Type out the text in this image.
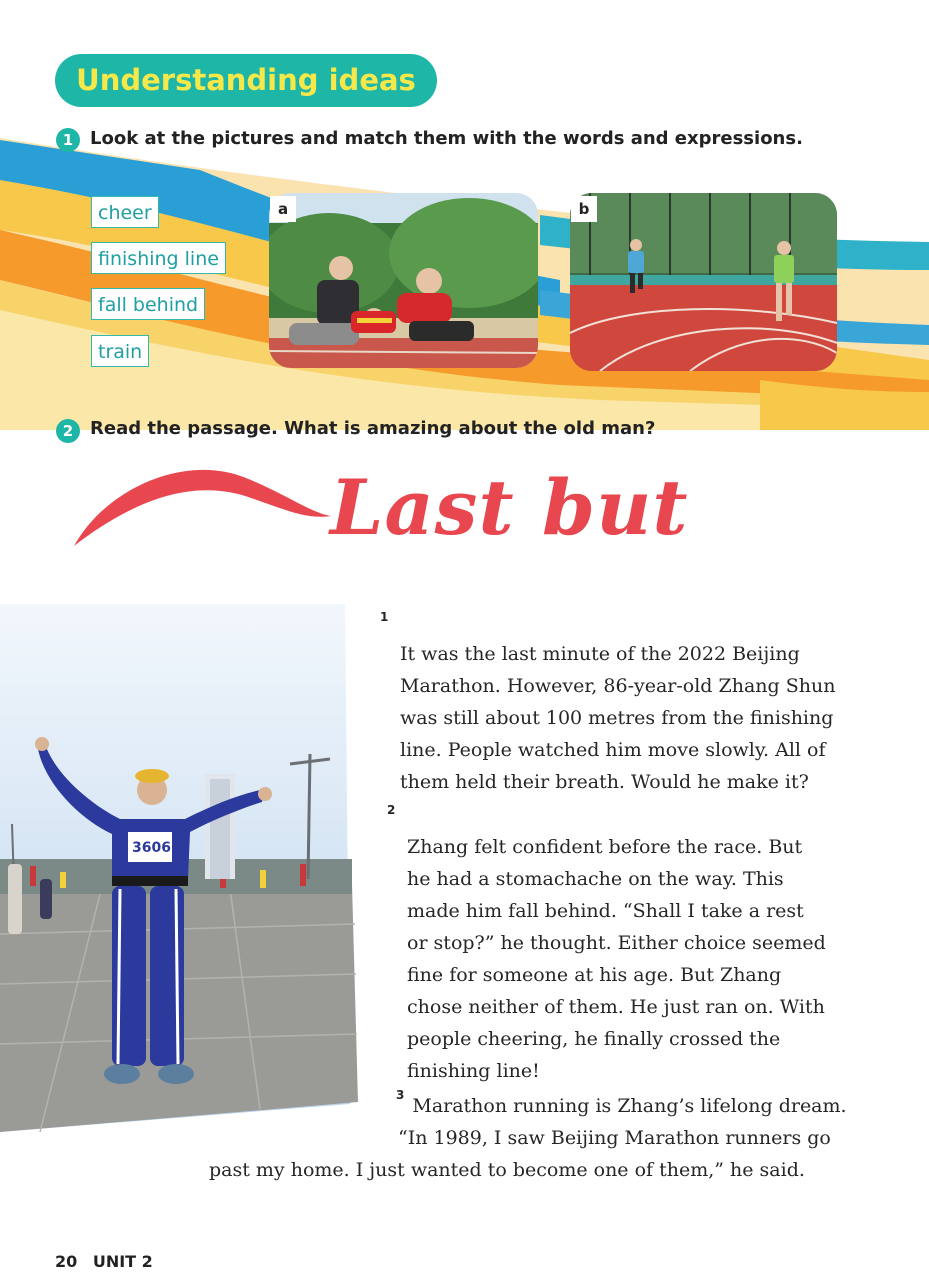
Understanding ideas
1 Look at the pictures and match them with the words and expressions.
cheer
finishing line
fall behind
train
a	b
2 Read the passage. What is amazing about the old man?
Last but
3606
$^1$
It was the last minute of the 2022 Beijing
Marathon. However, 86-year-old Zhang Shun
was still about 100 metres from the finishing
line. People watched him move slowly. All of
them held their breath. Would he make it?
$^2$
Zhang felt confident before the race. But
he had a stomachache on the way. This
made him fall behind. “Shall I take a rest
or stop?” he thought. Either choice seemed
fine for someone at his age. But Zhang
chose neither of them. He just ran on. With
people cheering, he finally crossed the
finishing line!
$^3$ Marathon running is Zhang’s lifelong dream.
“In 1989, I saw Beijing Marathon runners go
past my home. I just wanted to become one of them,” he said.
20 UNIT 2
